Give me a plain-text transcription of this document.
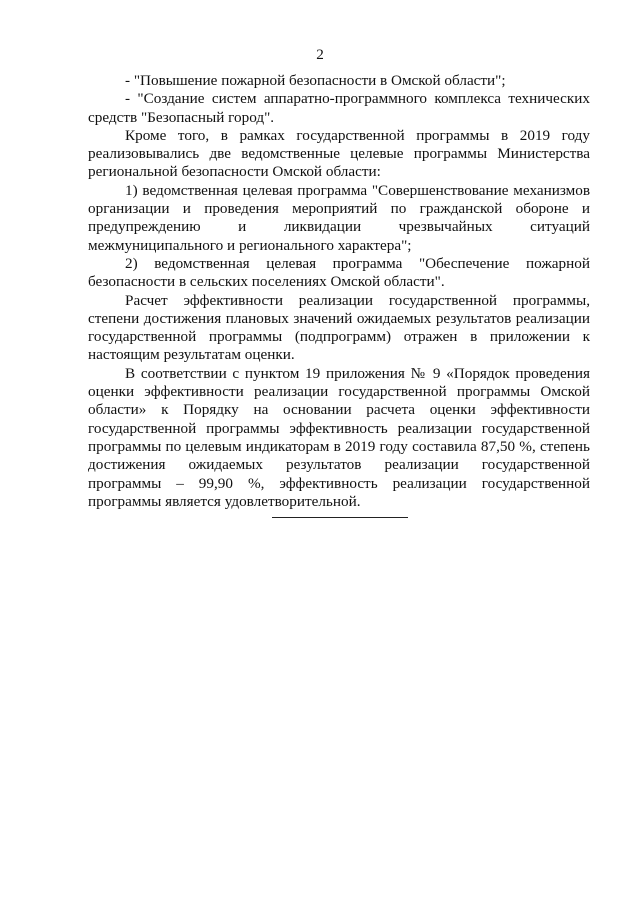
2

- "Повышение пожарной безопасности в Омской области";

- "Создание систем аппаратно-программного комплекса технических средств "Безопасный город".

Кроме того, в рамках государственной программы в 2019 году реализовывались две ведомственные целевые программы Министерства региональной безопасности Омской области:

1) ведомственная целевая программа "Совершенствование механизмов организации и проведения мероприятий по гражданской обороне и предупреждению и ликвидации чрезвычайных ситуаций межмуниципального и регионального характера";

2) ведомственная целевая программа "Обеспечение пожарной безопасности в сельских поселениях Омской области".

Расчет эффективности реализации государственной программы, степени достижения плановых значений ожидаемых результатов реализации государственной программы (подпрограмм) отражен в приложении к настоящим результатам оценки.

В соответствии с пунктом 19 приложения № 9 «Порядок проведения оценки эффективности реализации государственной программы Омской области» к Порядку на основании расчета оценки эффективности государственной программы эффективность реализации государственной программы по целевым индикаторам в 2019 году составила 87,50 %, степень достижения ожидаемых результатов реализации государственной программы – 99,90 %, эффективность реализации государственной программы является удовлетворительной.
